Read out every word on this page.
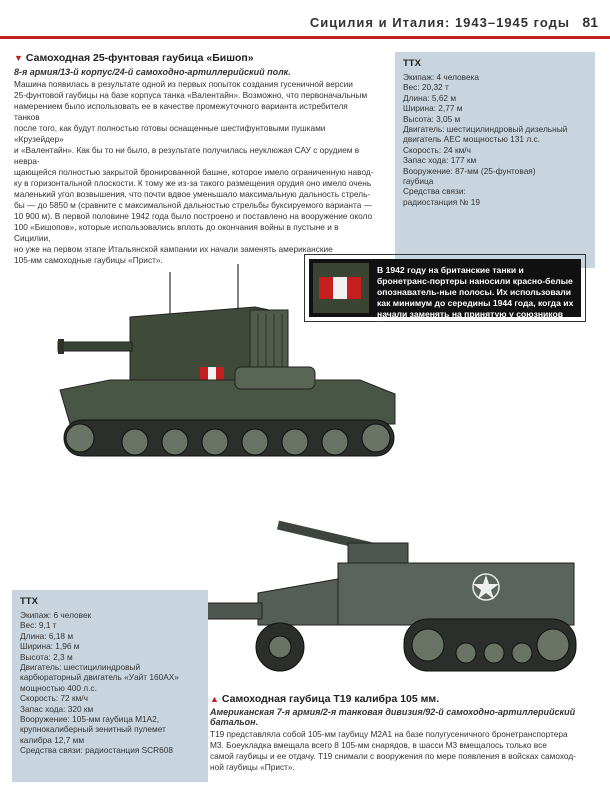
Сицилия и Италия: 1943–1945 годы 81
▼ Самоходная 25-фунтовая гаубица «Бишоп»
8-я армия/13-й корпус/24-й самоходно-артиллерийский полк.

Машина появилась в результате одной из первых попыток создания гусеничной версии

25-фунтовой гаубицы на базе корпуса танка «Валентайн». Возможно, что первоначальным

намерением было использовать ее в качестве промежуточного варианта истребителя танков

после того, как будут полностью готовы оснащенные шестифунтовыми пушками «Крузейдер»

и «Валентайн». Как бы то ни было, в результате получилась неуклюжая САУ с орудием в невра-

щающейся полностью закрытой бронированной башне, которое имело ограниченную навод-

ку в горизонтальной плоскости. К тому же из-за такого размещения орудия оно имело очень

маленький угол возвышения, что почти вдвое уменьшало максимальную дальность стрель-

бы — до 5850 м (сравните с максимальной дальностью стрельбы буксируемого варианта —

10 900 м). В первой половине 1942 года было построено и поставлено на вооружение около

100 «Бишопов», которые использовались вплоть до окончания войны в пустыне и в Сицилии,

но уже на первом этапе Итальянской кампании их начали заменять американские

105-мм самоходные гаубицы «Прист».

ТТХ
Экипаж: 4 человека
Вес: 20,32 т
Длина: 5,62 м
Ширина: 2,77 м
Высота: 3,05 м
Двигатель: шестицилиндровый дизельный
двигатель АЕС мощностью 131 л.с.
Скорость: 24 км/ч
Запас хода: 177 км
Вооружение: 87-мм (25-фунтовая)
гаубица
Средства связи:
радиостанция № 19
В 1942 году на британские танки и бронетранс-портеры наносили красно-белые опознаватель-ные полосы. Их использовали как минимум до середины 1944 года, когда их начали заменять на принятую у союзников белую звезду.
ТТХ
Экипаж: 6 человек
Вес: 9,1 т
Длина: 6,18 м
Ширина: 1,96 м
Высота: 2,3 м
Двигатель: шестицилиндровый
карбюраторный двигатель «Уайт 160АХ»
мощностью 400 л.с.
Скорость: 72 км/ч
Запас хода: 320 км
Вооружение: 105-мм гаубица М1А2,
крупнокалиберный зенитный пулемет
калибра 12,7 мм
Средства связи: радиостанция SCR608
▲ Самоходная гаубица Т19 калибра 105 мм.
Американская 7-я армия/2-я танковая дивизия/92-й самоходно-артиллерийский батальон.

Т19 представляла собой 105-мм гаубицу М2А1 на базе полугусеничного бронетранспортера

М3. Боеукладка вмещала всего 8 105-мм снарядов, в шасси М3 вмещалось только все

самой гаубицы и ее отдачу. Т19 снимали с вооружения по мере появления в войсках самоход-

ной гаубицы «Прист».
